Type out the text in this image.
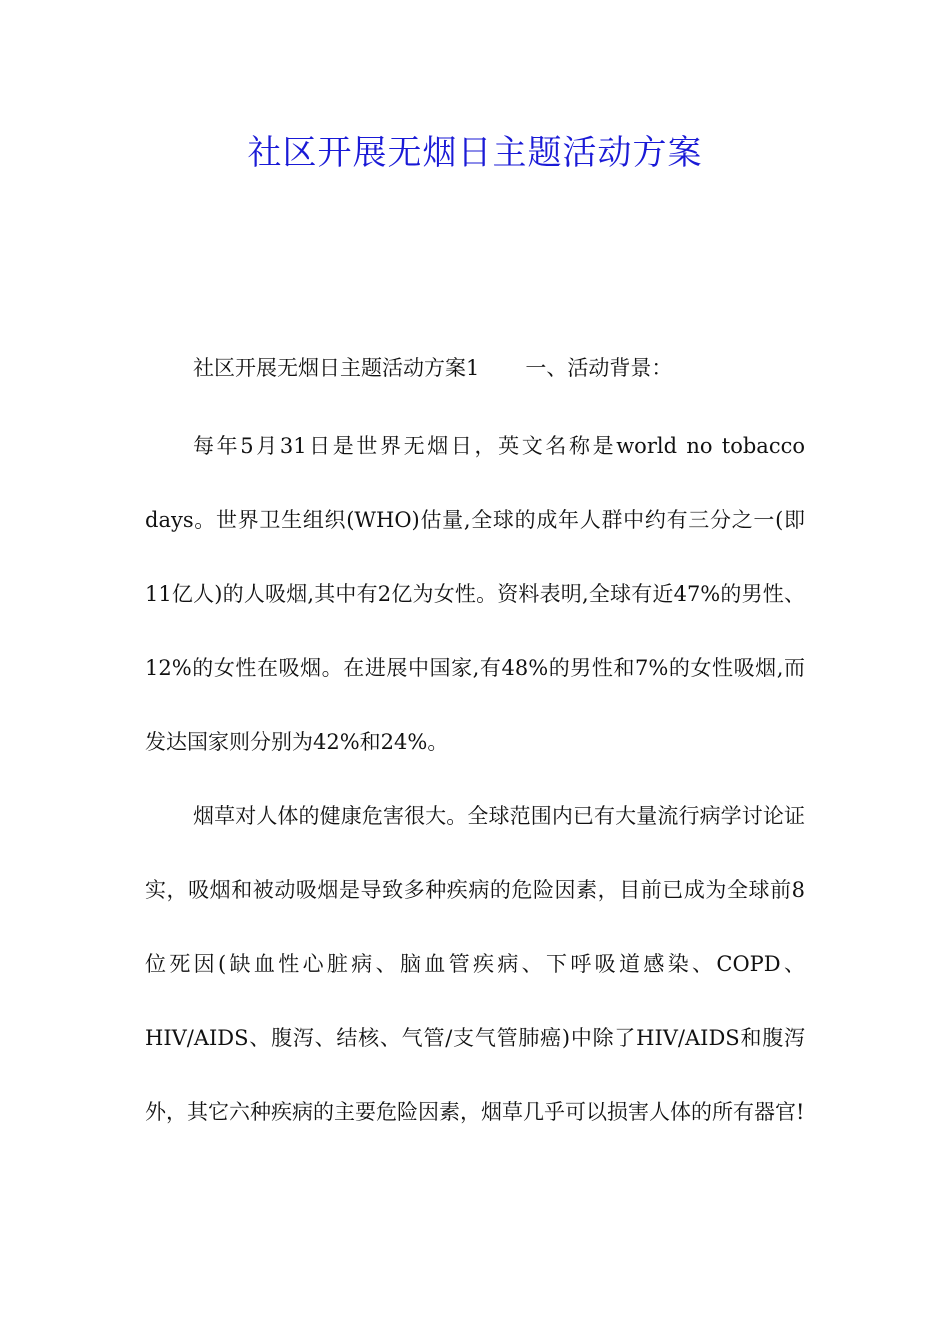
社区开展无烟日主题活动方案

社区开展无烟日主题活动方案1 一、活动背景：

每年5月31日是世界无烟日，英文名称是world no tobacco days。世界卫生组织(WHO)估量,全球的成年人群中约有三分之一(即11亿人)的人吸烟,其中有2亿为女性。资料表明,全球有近47%的男性、12%的女性在吸烟。在进展中国家,有48%的男性和7%的女性吸烟,而发达国家则分别为42%和24%。

烟草对人体的健康危害很大。全球范围内已有大量流行病学讨论证实，吸烟和被动吸烟是导致多种疾病的危险因素，目前已成为全球前8位死因(缺血性心脏病、脑血管疾病、下呼吸道感染、COPD、HIV/AIDS、腹泻、结核、气管/支气管肺癌)中除了HIV/AIDS和腹泻外，其它六种疾病的主要危险因素，烟草几乎可以损害人体的所有器官!
